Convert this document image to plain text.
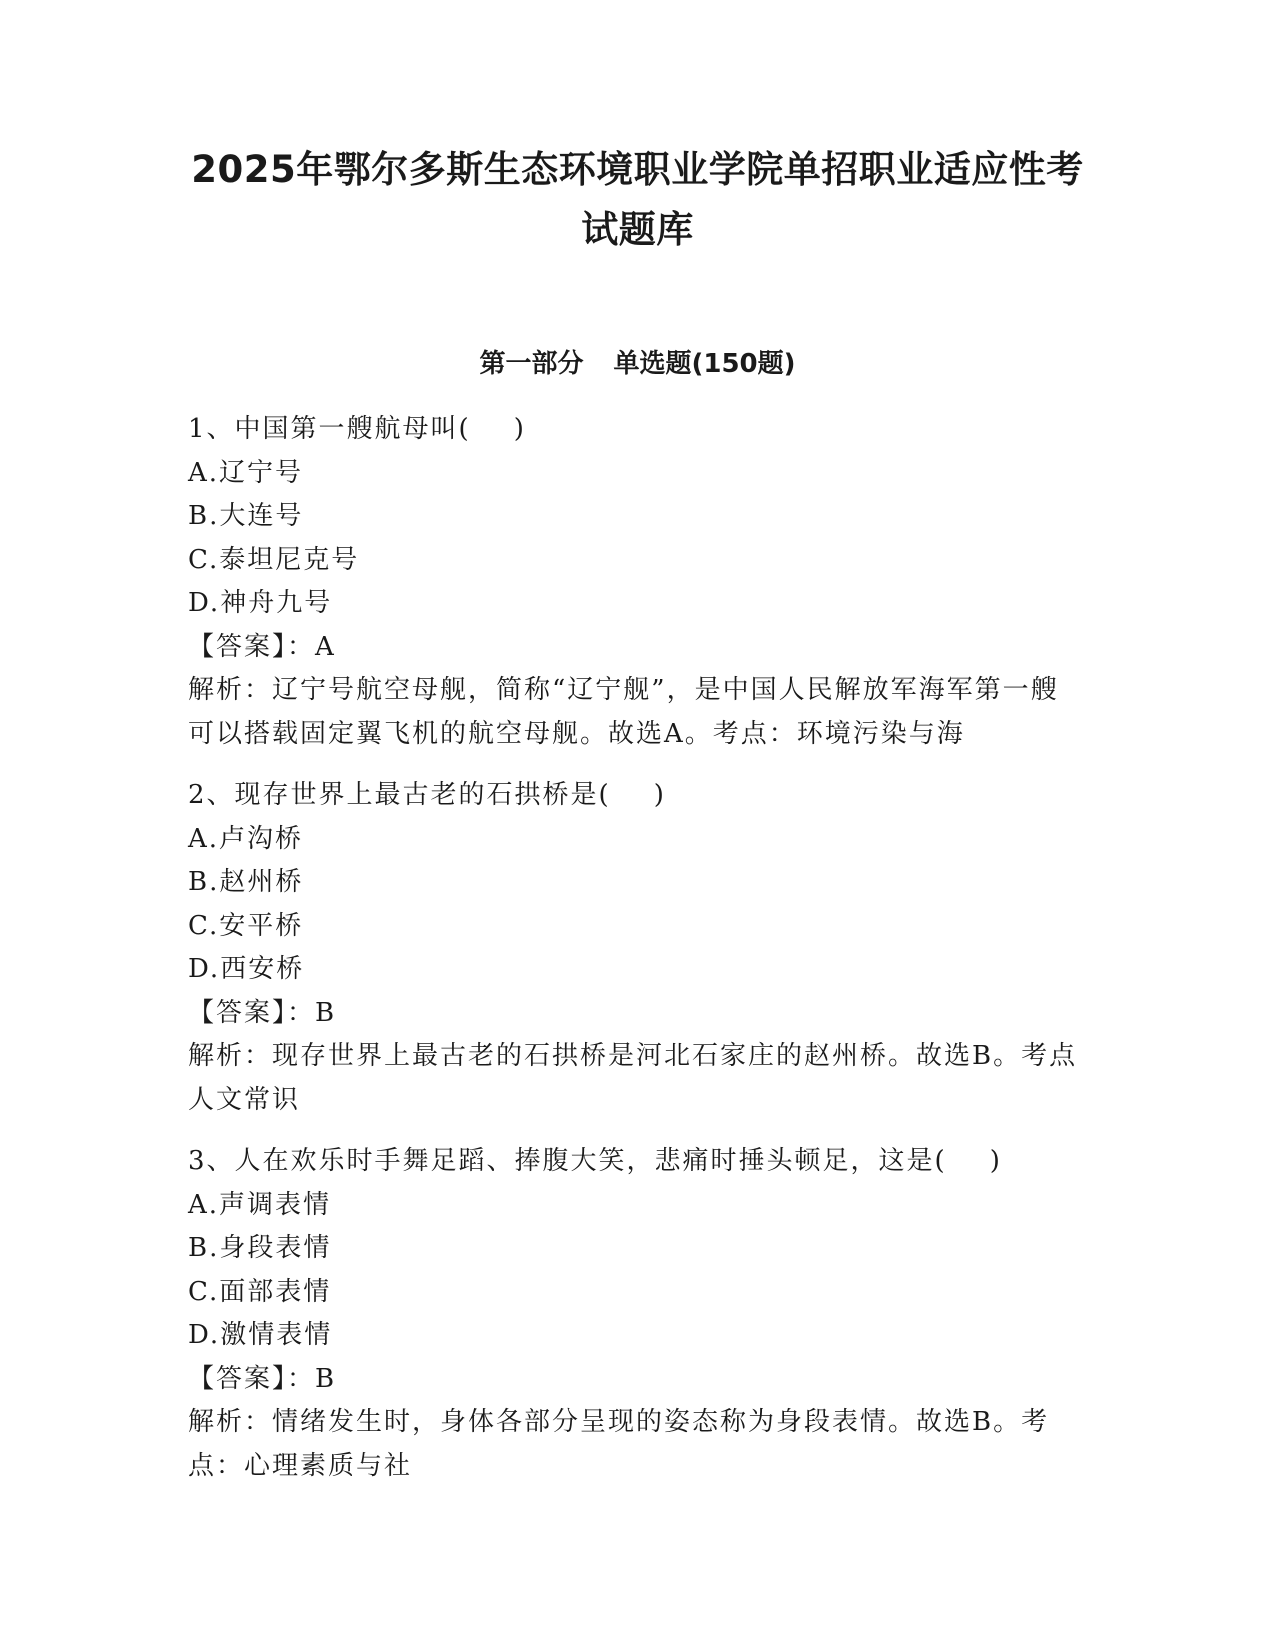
2025年鄂尔多斯生态环境职业学院单招职业适应性考
试题库
第一部分 单选题(150题)
1、中国第一艘航母叫(   )
A.辽宁号
B.大连号
C.泰坦尼克号
D.神舟九号
【答案】：A
解析：辽宁号航空母舰，简称“辽宁舰”，是中国人民解放军海军第一艘可以搭载固定翼飞机的航空母舰。故选A。考点：环境污染与海
2、现存世界上最古老的石拱桥是(   )
A.卢沟桥
B.赵州桥
C.安平桥
D.西安桥
【答案】：B
解析：现存世界上最古老的石拱桥是河北石家庄的赵州桥。故选B。考点人文常识
3、人在欢乐时手舞足蹈、捧腹大笑，悲痛时捶头顿足，这是(   )
A.声调表情
B.身段表情
C.面部表情
D.激情表情
【答案】：B
解析：情绪发生时，身体各部分呈现的姿态称为身段表情。故选B。考点：心理素质与社
